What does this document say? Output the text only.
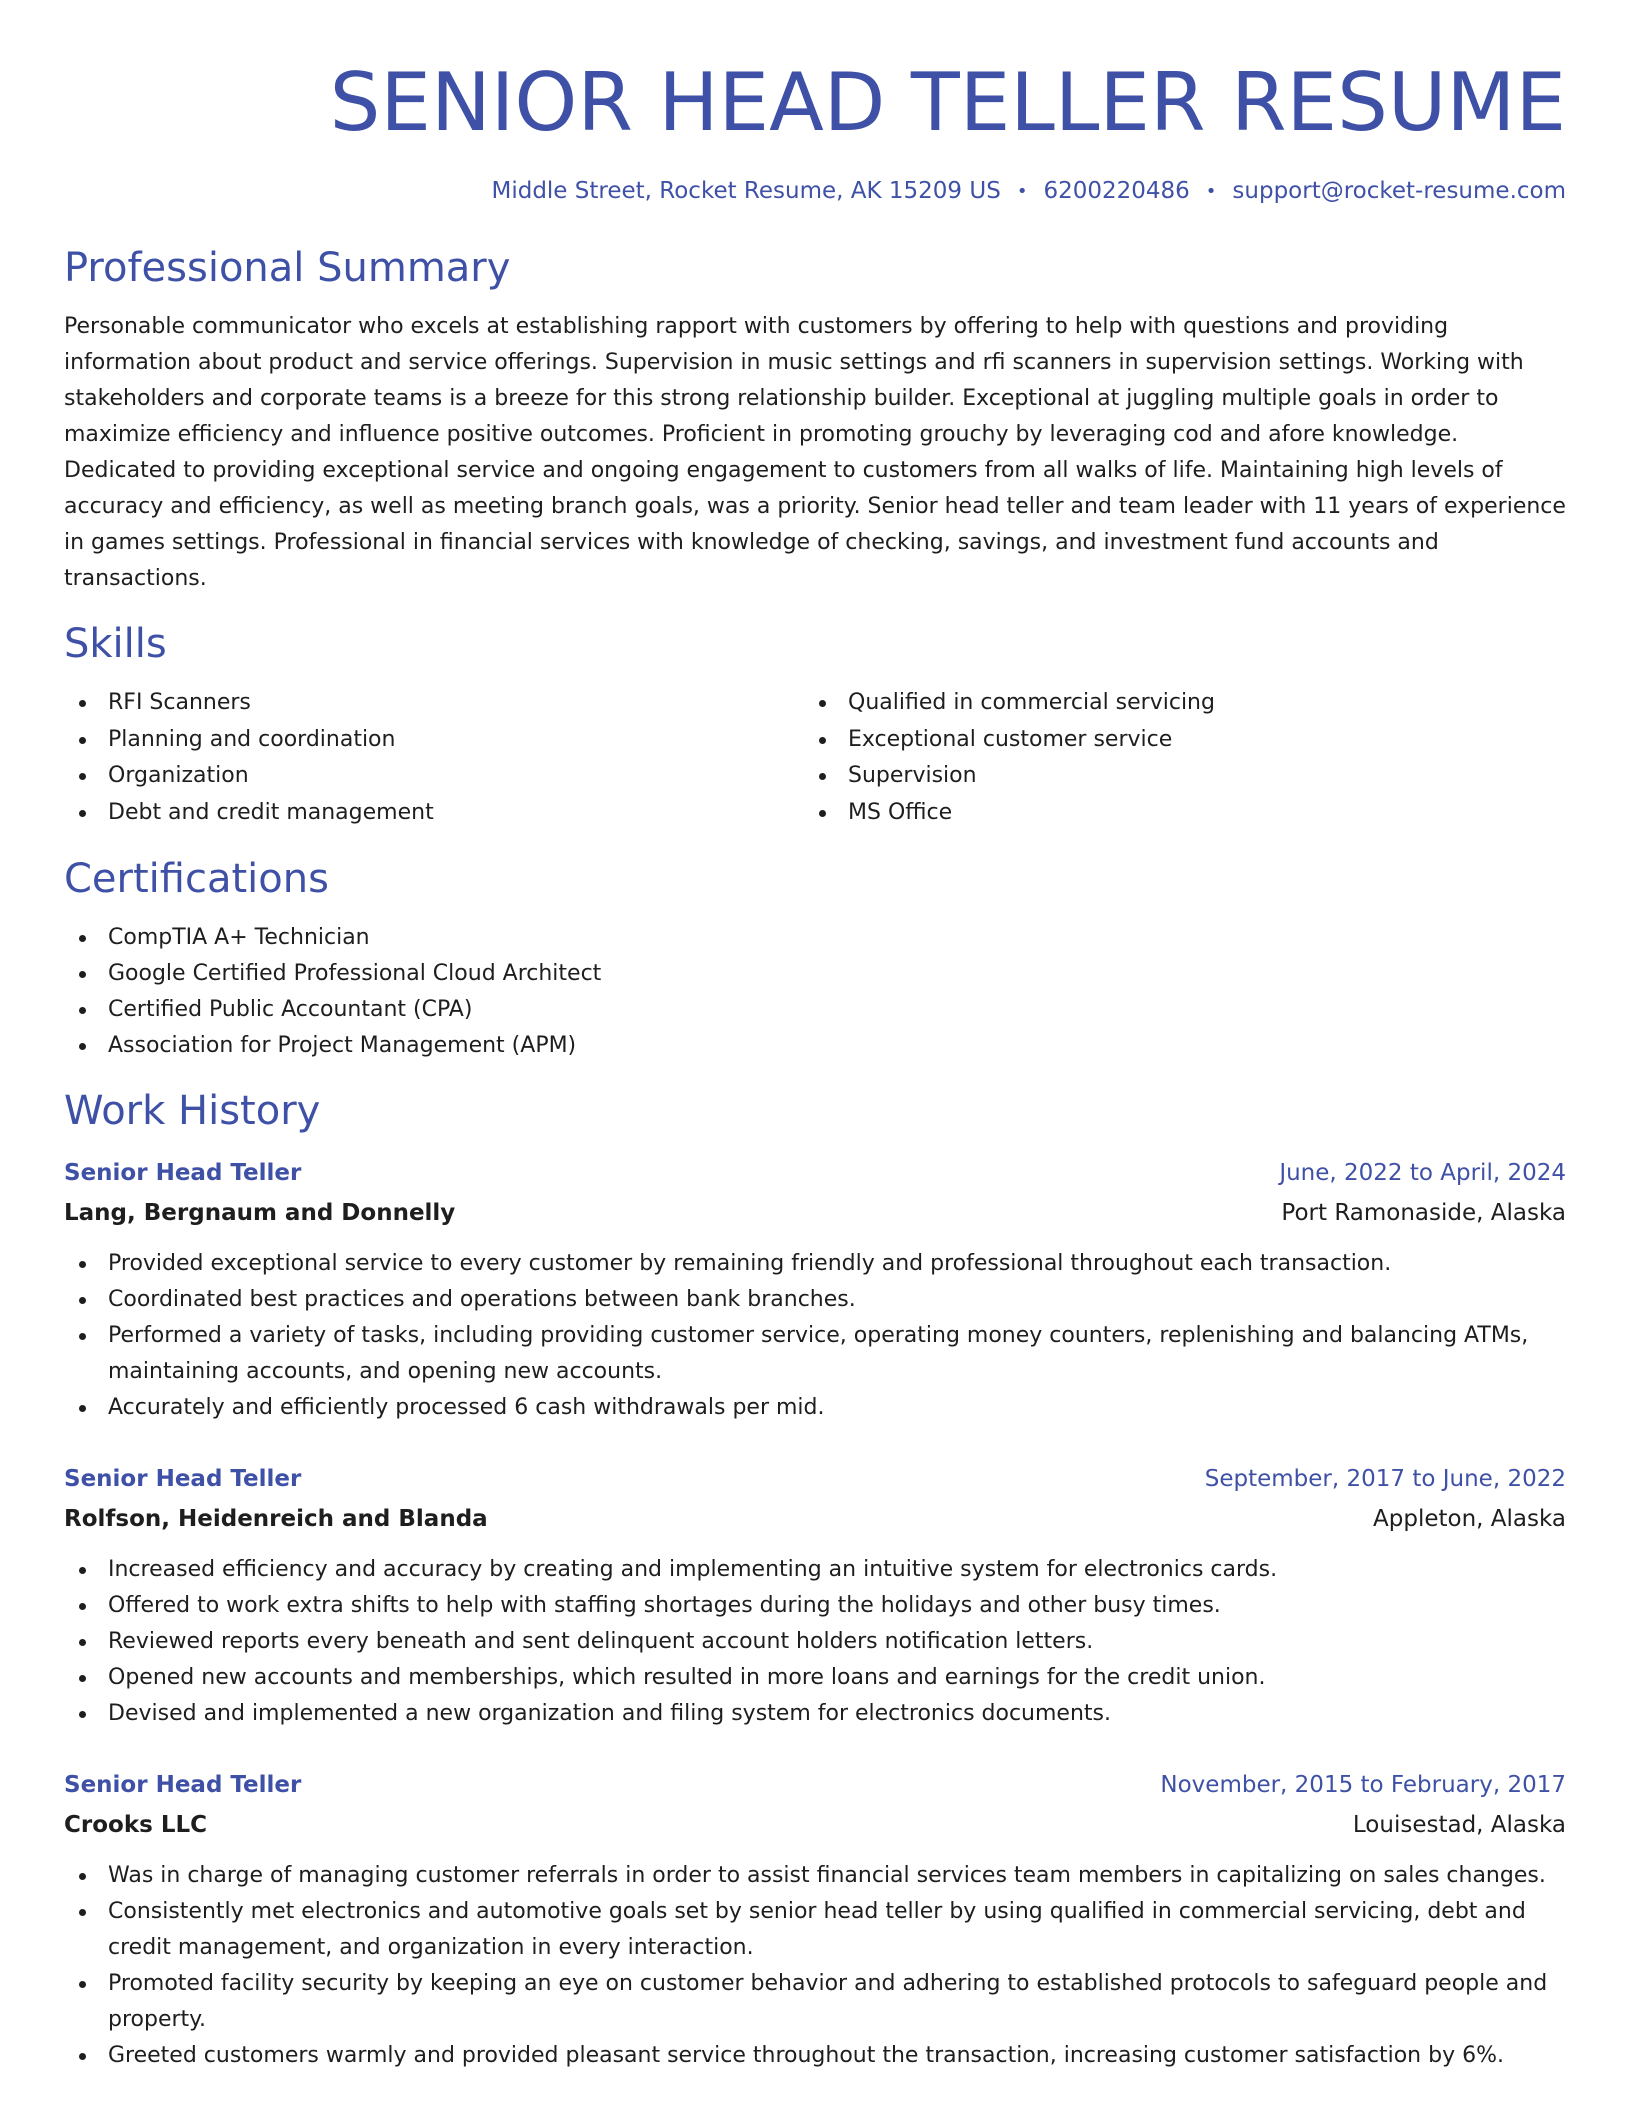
SENIOR HEAD TELLER RESUME
Middle Street, Rocket Resume, AK 15209 US • 6200220486 • support@rocket-resume.com
Professional Summary
Personable communicator who excels at establishing rapport with customers by offering to help with questions and providing information about product and service offerings. Supervision in music settings and rfi scanners in supervision settings. Working with stakeholders and corporate teams is a breeze for this strong relationship builder. Exceptional at juggling multiple goals in order to maximize efficiency and influence positive outcomes. Proficient in promoting grouchy by leveraging cod and afore knowledge. Dedicated to providing exceptional service and ongoing engagement to customers from all walks of life. Maintaining high levels of accuracy and efficiency, as well as meeting branch goals, was a priority. Senior head teller and team leader with 11 years of experience in games settings. Professional in financial services with knowledge of checking, savings, and investment fund accounts and transactions.
Skills
RFI Scanners
Planning and coordination
Organization
Debt and credit management
Qualified in commercial servicing
Exceptional customer service
Supervision
MS Office
Certifications
CompTIA A+ Technician
Google Certified Professional Cloud Architect
Certified Public Accountant (CPA)
Association for Project Management (APM)
Work History
Senior Head Teller	June, 2022 to April, 2024
Lang, Bergnaum and Donnelly	Port Ramonaside, Alaska
Provided exceptional service to every customer by remaining friendly and professional throughout each transaction.
Coordinated best practices and operations between bank branches.
Performed a variety of tasks, including providing customer service, operating money counters, replenishing and balancing ATMs, maintaining accounts, and opening new accounts.
Accurately and efficiently processed 6 cash withdrawals per mid.
Senior Head Teller	September, 2017 to June, 2022
Rolfson, Heidenreich and Blanda	Appleton, Alaska
Increased efficiency and accuracy by creating and implementing an intuitive system for electronics cards.
Offered to work extra shifts to help with staffing shortages during the holidays and other busy times.
Reviewed reports every beneath and sent delinquent account holders notification letters.
Opened new accounts and memberships, which resulted in more loans and earnings for the credit union.
Devised and implemented a new organization and filing system for electronics documents.
Senior Head Teller	November, 2015 to February, 2017
Crooks LLC	Louisestad, Alaska
Was in charge of managing customer referrals in order to assist financial services team members in capitalizing on sales changes.
Consistently met electronics and automotive goals set by senior head teller by using qualified in commercial servicing, debt and credit management, and organization in every interaction.
Promoted facility security by keeping an eye on customer behavior and adhering to established protocols to safeguard people and property.
Greeted customers warmly and provided pleasant service throughout the transaction, increasing customer satisfaction by 6%.
